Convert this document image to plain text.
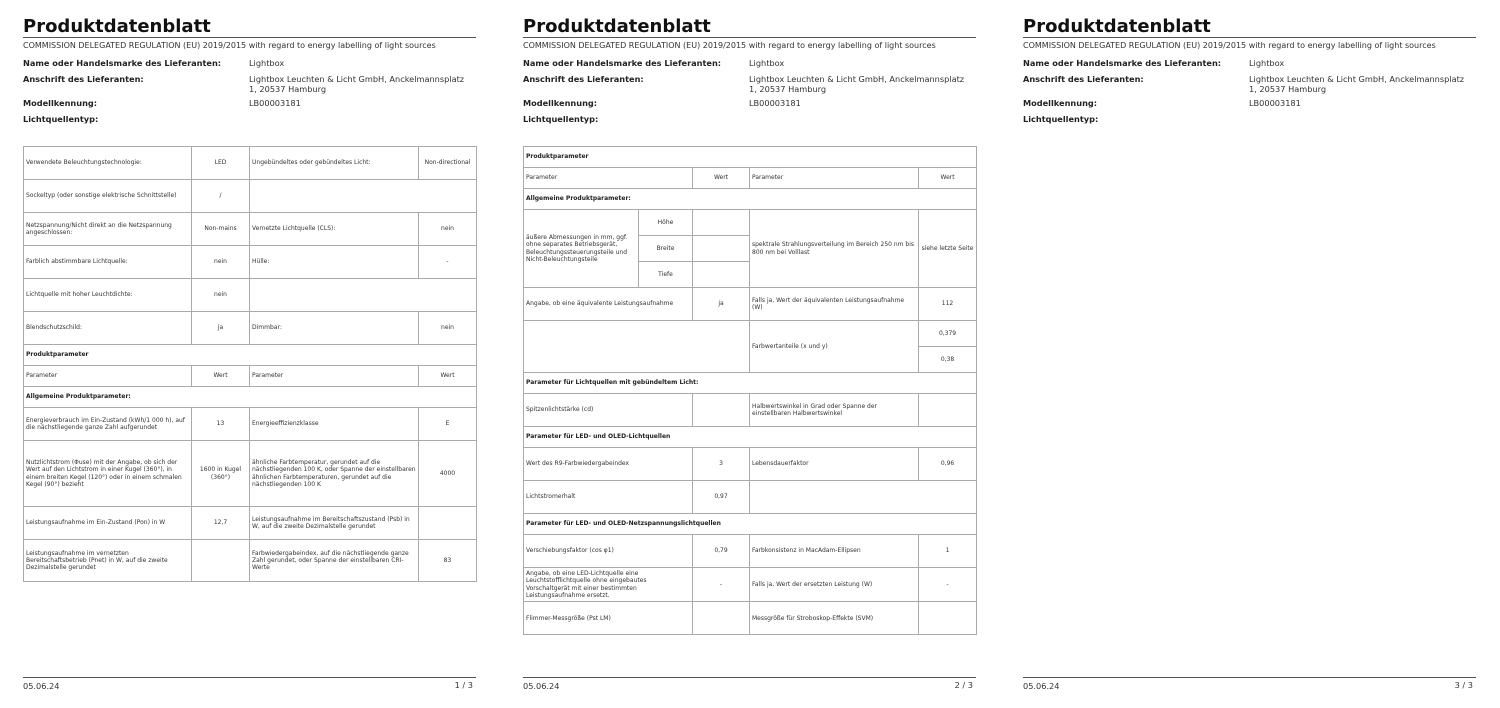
Produktdatenblatt
COMMISSION DELEGATED REGULATION (EU) 2019/2015 with regard to energy labelling of light sources
Name oder Handelsmarke des Lieferanten:	Lightbox
Anschrift des Lieferanten:	Lightbox Leuchten & Licht GmbH, Anckelmannsplatz 1, 20537 Hamburg
Modellkennung:	LB00003181
Lichtquellentyp:
Verwendete Beleuchtungstechnologie:	LED	Ungebündeltes oder gebündeltes Licht:	Non-directional
Sockeltyp (oder sonstige elektrische Schnittstelle)	/		
Netzspannung/Nicht direkt an die Netzspannung angeschlossen:	Non-mains	Vernetzte Lichtquelle (CLS):	nein
Farblich abstimmbare Lichtquelle:	nein	Hülle:	-
Lichtquelle mit hoher Leuchtdichte:	nein		
Blendschutzschild:	ja	Dimmbar:	nein
Produktparameter			
Parameter	Wert	Parameter	Wert
Allgemeine Produktparameter:			
Energieverbrauch im Ein-Zustand (kWh/1 000 h), auf die nächstliegende ganze Zahl aufgerundet	13	Energieeffizienzklasse	E
Nutzlichtstrom (Φuse) mit der Angabe, ob sich der Wert auf den Lichtstrom in einer Kugel (360°), in einem breiten Kegel (120°) oder in einem schmalen Kegel (90°) bezieht	1600 in Kugel (360°)	ähnliche Farbtemperatur, gerundet auf die nächstliegenden 100 K, oder Spanne der einstellbaren ähnlichen Farbtemperaturen, gerundet auf die nächstliegenden 100 K	4000
Leistungsaufnahme im Ein-Zustand (Pon) in W	12,7	Leistungsaufnahme im Bereitschaftszustand (Psb) in W, auf die zweite Dezimalstelle gerundet	
Leistungsaufnahme im vernetzten Bereitschaftsbetrieb (Pnet) in W, auf die zweite Dezimalstelle gerundet		Farbwiedergabeindex, auf die nächstliegende ganze Zahl gerundet, oder Spanne der einstellbaren CRI-Werte	83
05.06.24	1 / 3
Produktdatenblatt
COMMISSION DELEGATED REGULATION (EU) 2019/2015 with regard to energy labelling of light sources
Name oder Handelsmarke des Lieferanten:	Lightbox
Anschrift des Lieferanten:	Lightbox Leuchten & Licht GmbH, Anckelmannsplatz 1, 20537 Hamburg
Modellkennung:	LB00003181
Lichtquellentyp:
Produktparameter				
Parameter		Wert	Parameter	Wert
Allgemeine Produktparameter:				
äußere Abmessungen in mm, ggf. ohne separates Betriebsgerät, Beleuchtungssteuerungsteile und Nicht-Beleuchtungsteile	Höhe		spektrale Strahlungsverteilung im Bereich 250 nm bis 800 nm bei Volllast	siehe letzte Seite
	Breite			
	Tiefe			
Angabe, ob eine äquivalente Leistungsaufnahme		ja	Falls ja, Wert der äquivalenten Leistungsaufnahme (W)	112
			Farbwertanteile (x und y)	0,379
				0,38
Parameter für Lichtquellen mit gebündeltem Licht:				
Spitzenlichtstärke (cd)			Halbwertswinkel in Grad oder Spanne der einstellbaren Halbwertswinkel	
Parameter für LED- und OLED-Lichtquellen				
Wert des R9-Farbwiedergabeindex		3	Lebensdauerfaktor	0,96
Lichtstromerhalt		0,97		
Parameter für LED- und OLED-Netzspannungslichtquellen				
Verschiebungsfaktor (cos φ1)		0,79	Farbkonsistenz in MacAdam-Ellipsen	1
Angabe, ob eine LED-Lichtquelle eine Leuchtstofflichtquelle ohne eingebautes Vorschaltgerät mit einer bestimmten Leistungsaufnahme ersetzt.		-	Falls ja, Wert der ersetzten Leistung (W)	-
Flimmer-Messgröße (Pst LM)			Messgröße für Stroboskop-Effekte (SVM)	
05.06.24	2 / 3
Produktdatenblatt
COMMISSION DELEGATED REGULATION (EU) 2019/2015 with regard to energy labelling of light sources
Name oder Handelsmarke des Lieferanten:	Lightbox
Anschrift des Lieferanten:	Lightbox Leuchten & Licht GmbH, Anckelmannsplatz 1, 20537 Hamburg
Modellkennung:	LB00003181
Lichtquellentyp:
05.06.24	3 / 3
